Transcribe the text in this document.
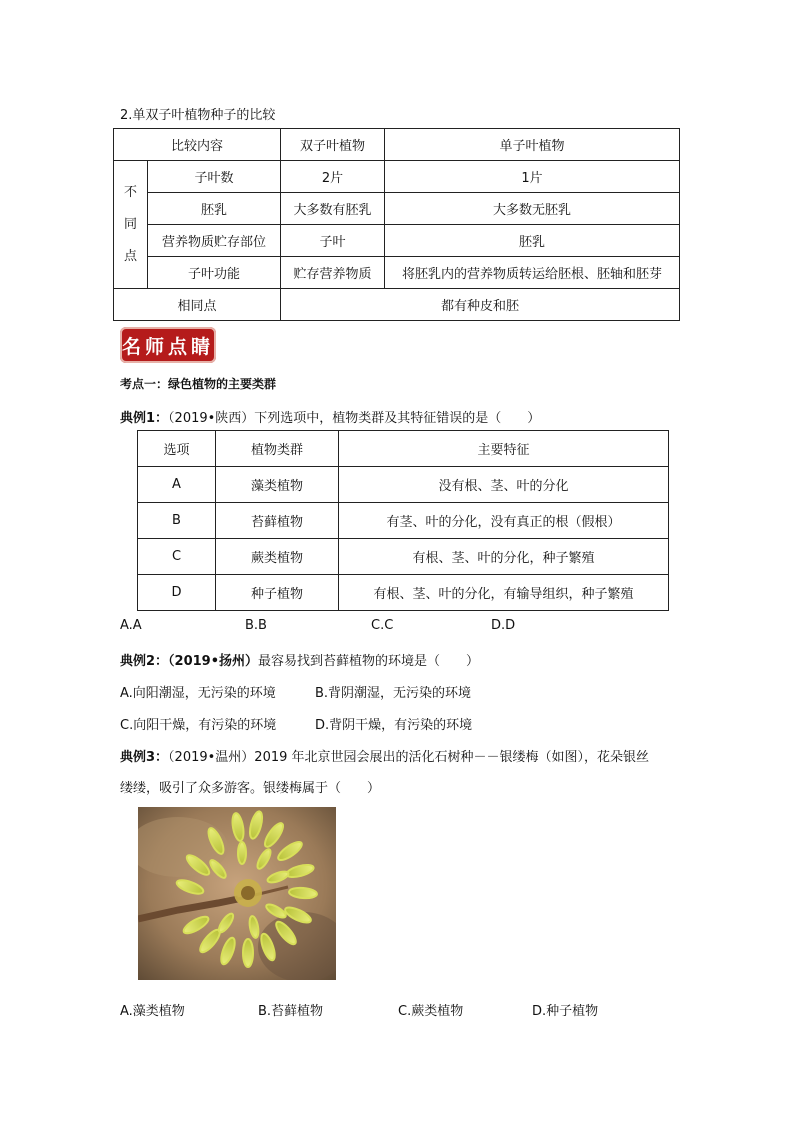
2.单双子叶植物种子的比较
比较内容		双子叶植物	单子叶植物

不
同
点	子叶数	2片	1片
	胚乳	大多数有胚乳	大多数无胚乳
	营养物质贮存部位	子叶	胚乳
	子叶功能	贮存营养物质	将胚乳内的营养物质转运给胚根、胚轴和胚芽
相同点		都有种皮和胚	
名师点睛
考点一：绿色植物的主要类群
典例1：（2019•陕西）下列选项中，植物类群及其特征错误的是（　　）
选项	植物类群	主要特征
A	藻类植物	没有根、茎、叶的分化
B	苔藓植物	有茎、叶的分化，没有真正的根（假根）
C	蕨类植物	有根、茎、叶的分化，种子繁殖
D	种子植物	有根、茎、叶的分化，有输导组织，种子繁殖
A.A	B.B	C.C	D.D
典例2：（2019•扬州）最容易找到苔藓植物的环境是（　　）
A.向阳潮湿，无污染的环境	B.背阴潮湿，无污染的环境
C.向阳干燥，有污染的环境	D.背阴干燥，有污染的环境
典例3：（2019•温州）2019 年北京世园会展出的活化石树种－－银缕梅（如图），花朵银丝
缕缕，吸引了众多游客。银缕梅属于（　　）
A.藻类植物	B.苔藓植物	C.蕨类植物	D.种子植物
